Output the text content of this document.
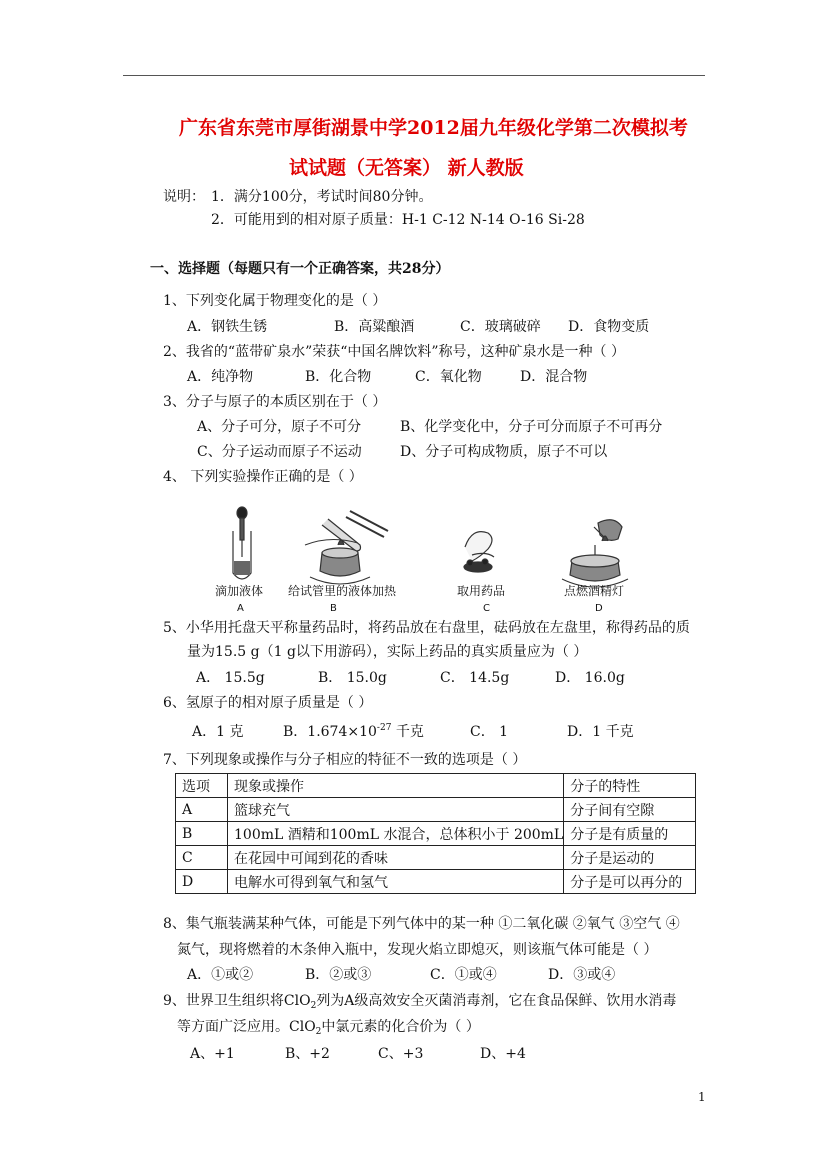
广东省东莞市厚街湖景中学2012届九年级化学第二次模拟考
试试题（无答案） 新人教版
说明： 1．满分100分，考试时间80分钟。
2．可能用到的相对原子质量：H-1 C-12 N-14 O-16 Si-28
一、选择题（每题只有一个正确答案，共28分）
1、下列变化属于物理变化的是（ ）
A．钢铁生锈	B．高粱酿酒	C．玻璃破碎 D．食物变质
2、我省的“蓝带矿泉水”荣获“中国名牌饮料”称号，这种矿泉水是一种（ ）
A．纯净物	B．化合物	C．氧化物	D．混合物
3、分子与原子的本质区别在于（ ）
A、分子可分，原子不可分	B、化学变化中，分子可分而原子不可再分
C、分子运动而原子不运动	D、分子可构成物质，原子不可以
4、 下列实验操作正确的是（ ）
滴加液体 给试管里的液体加热	取用药品	点燃酒精灯
A	B	C	D
5、小华用托盘天平称量药品时，将药品放在右盘里，砝码放在左盘里，称得药品的质
量为15.5 g（1 g以下用游码），实际上药品的真实质量应为（ ）
A． 15.5g	B． 15.0g	C． 14.5g	D． 16.0g
6、氢原子的相对原子质量是（ ）
A．1 克	B．$1.674\times 10^{-27}$ 千克	C． 1	D．1 千克
7、下列现象或操作与分子相应的特征不一致的选项是（ ）
选项	现象或操作	分子的特性
A	篮球充气	分子间有空隙
B	100mL 酒精和100mL 水混合，总体积小于 200mL	分子是有质量的
C	在花园中可闻到花的香味	分子是运动的
D	电解水可得到氧气和氢气	分子是可以再分的
8、集气瓶装满某种气体，可能是下列气体中的某一种 ①二氧化碳 ②氧气 ③空气 ④
氮气，现将燃着的木条伸入瓶中，发现火焰立即熄灭，则该瓶气体可能是（ ）
A．①或②	B．②或③	C．①或④	D．③或④
9、世界卫生组织将ClO$_2$列为A级高效安全灭菌消毒剂，它在食品保鲜、饮用水消毒
等方面广泛应用。ClO$_2$中氯元素的化合价为（ ）
A、+1	B、+2	C、+3	D、+4
1
